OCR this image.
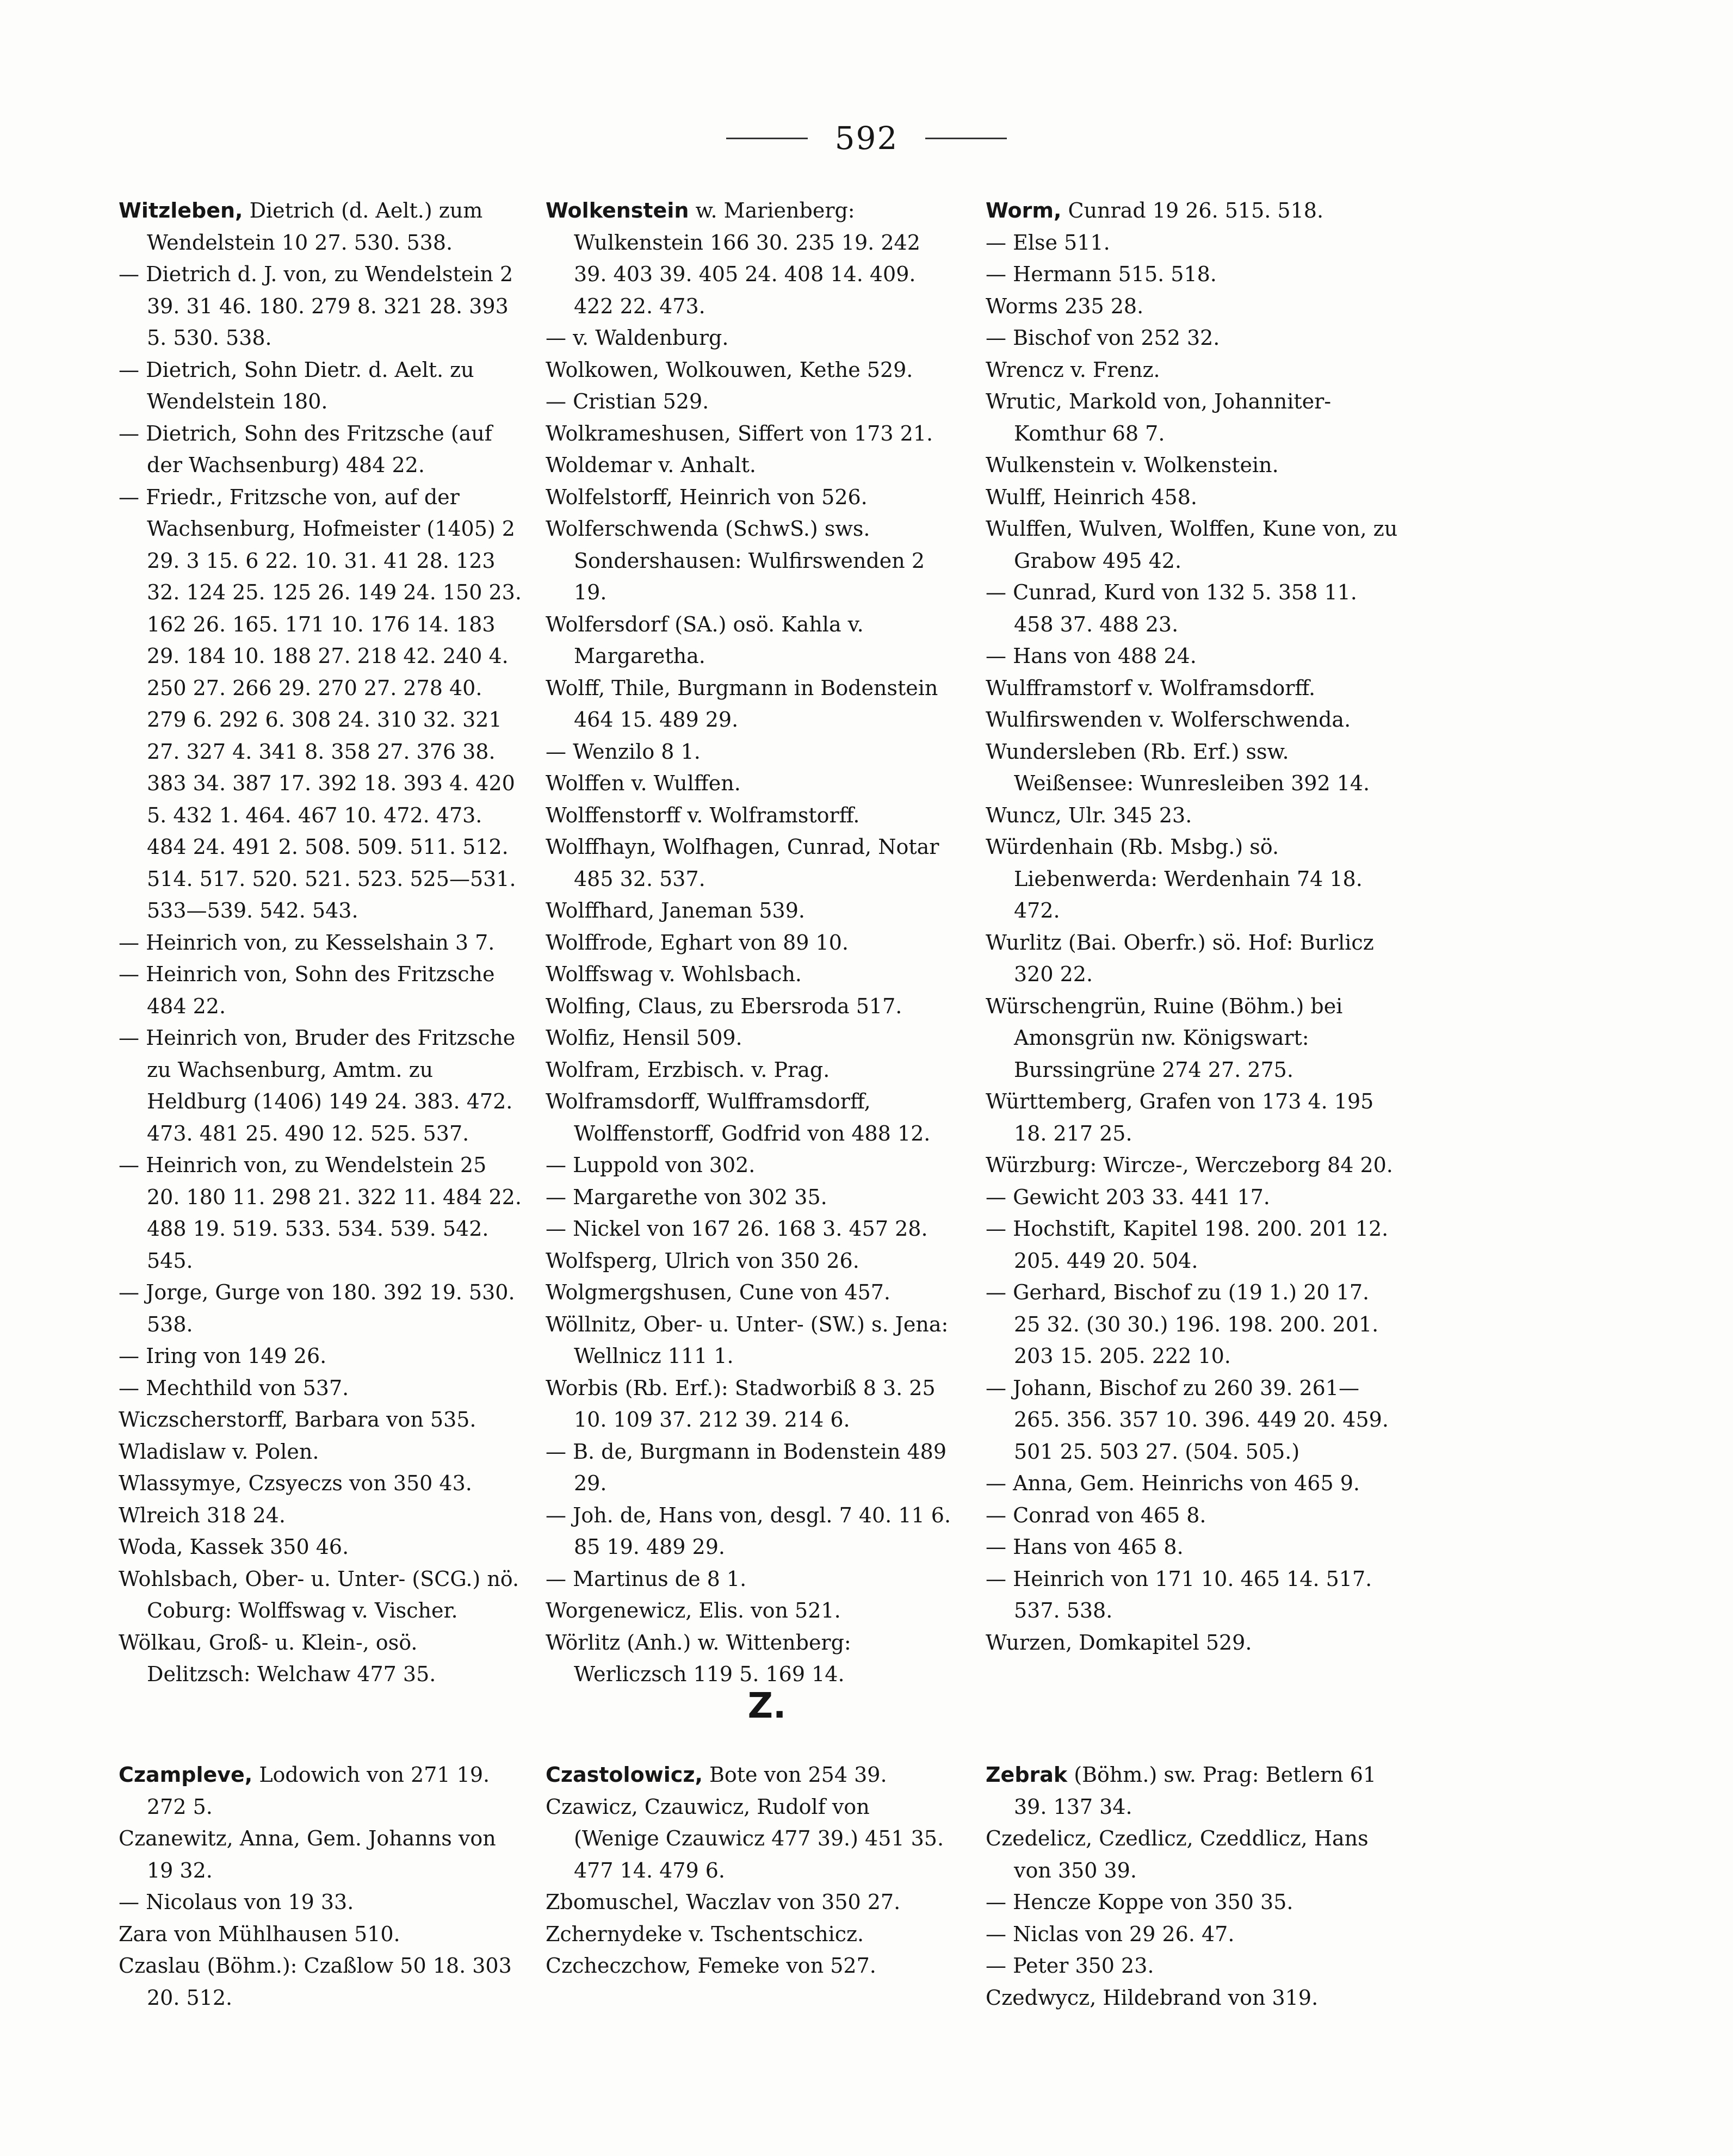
592

Witzleben, Dietrich (d. Aelt.) zum Wendelstein 10 27. 530. 538.

— Dietrich d. J. von, zu Wendelstein 2 39. 31 46. 180. 279 8. 321 28. 393 5. 530. 538.

— Dietrich, Sohn Dietr. d. Aelt. zu Wendelstein 180.

— Dietrich, Sohn des Fritzsche (auf der Wachsenburg) 484 22.

— Friedr., Fritzsche von, auf der Wachsenburg, Hofmeister (1405) 2 29. 3 15. 6 22. 10. 31. 41 28. 123 32. 124 25. 125 26. 149 24. 150 23. 162 26. 165. 171 10. 176 14. 183 29. 184 10. 188 27. 218 42. 240 4. 250 27. 266 29. 270 27. 278 40. 279 6. 292 6. 308 24. 310 32. 321 27. 327 4. 341 8. 358 27. 376 38. 383 34. 387 17. 392 18. 393 4. 420 5. 432 1. 464. 467 10. 472. 473. 484 24. 491 2. 508. 509. 511. 512. 514. 517. 520. 521. 523. 525—531. 533—539. 542. 543.

— Heinrich von, zu Kesselshain 3 7.

— Heinrich von, Sohn des Fritzsche 484 22.

— Heinrich von, Bruder des Fritzsche zu Wachsenburg, Amtm. zu Heldburg (1406) 149 24. 383. 472. 473. 481 25. 490 12. 525. 537.

— Heinrich von, zu Wendelstein 25 20. 180 11. 298 21. 322 11. 484 22. 488 19. 519. 533. 534. 539. 542. 545.

— Jorge, Gurge von 180. 392 19. 530. 538.

— Iring von 149 26.

— Mechthild von 537.

Wiczscherstorff, Barbara von 535.

Wladislaw v. Polen.

Wlassymye, Czsyeczs von 350 43.

Wlreich 318 24.

Woda, Kassek 350 46.

Wohlsbach, Ober- u. Unter- (SCG.) nö. Coburg: Wolffswag v. Vischer.

Wölkau, Groß- u. Klein-, osö. Delitzsch: Welchaw 477 35.

Wolkenstein w. Marienberg: Wulkenstein 166 30. 235 19. 242 39. 403 39. 405 24. 408 14. 409. 422 22. 473.

— v. Waldenburg.

Wolkowen, Wolkouwen, Kethe 529.

— Cristian 529.

Wolkrameshusen, Siffert von 173 21.

Woldemar v. Anhalt.

Wolfelstorff, Heinrich von 526.

Wolferschwenda (SchwS.) sws. Sondershausen: Wulfirswenden 2 19.

Wolfersdorf (SA.) osö. Kahla v. Margaretha.

Wolff, Thile, Burgmann in Bodenstein 464 15. 489 29.

— Wenzilo 8 1.

Wolffen v. Wulffen.

Wolffenstorff v. Wolframstorff.

Wolffhayn, Wolfhagen, Cunrad, Notar 485 32. 537.

Wolffhard, Janeman 539.

Wolffrode, Eghart von 89 10.

Wolffswag v. Wohlsbach.

Wolfing, Claus, zu Ebersroda 517.

Wolfiz, Hensil 509.

Wolfram, Erzbisch. v. Prag.

Wolframsdorff, Wulfframsdorff, Wolffenstorff, Godfrid von 488 12.

— Luppold von 302.

— Margarethe von 302 35.

— Nickel von 167 26. 168 3. 457 28.

Wolfsperg, Ulrich von 350 26.

Wolgmergshusen, Cune von 457.

Wöllnitz, Ober- u. Unter- (SW.) s. Jena: Wellnicz 111 1.

Worbis (Rb. Erf.): Stadworbiß 8 3. 25 10. 109 37. 212 39. 214 6.

— B. de, Burgmann in Bodenstein 489 29.

— Joh. de, Hans von, desgl. 7 40. 11 6. 85 19. 489 29.

— Martinus de 8 1.

Worgenewicz, Elis. von 521.

Wörlitz (Anh.) w. Wittenberg: Werliczsch 119 5. 169 14.

Worm, Cunrad 19 26. 515. 518.

— Else 511.

— Hermann 515. 518.

Worms 235 28.

— Bischof von 252 32.

Wrencz v. Frenz.

Wrutic, Markold von, Johanniter-Komthur 68 7.

Wulkenstein v. Wolkenstein.

Wulff, Heinrich 458.

Wulffen, Wulven, Wolffen, Kune von, zu Grabow 495 42.

— Cunrad, Kurd von 132 5. 358 11. 458 37. 488 23.

— Hans von 488 24.

Wulfframstorf v. Wolframsdorff.

Wulfirswenden v. Wolferschwenda.

Wundersleben (Rb. Erf.) ssw. Weißensee: Wunresleiben 392 14.

Wuncz, Ulr. 345 23.

Würdenhain (Rb. Msbg.) sö. Liebenwerda: Werdenhain 74 18. 472.

Wurlitz (Bai. Oberfr.) sö. Hof: Burlicz 320 22.

Würschengrün, Ruine (Böhm.) bei Amonsgrün nw. Königswart: Burssingrüne 274 27. 275.

Württemberg, Grafen von 173 4. 195 18. 217 25.

Würzburg: Wircze-, Werczeborg 84 20.

— Gewicht 203 33. 441 17.

— Hochstift, Kapitel 198. 200. 201 12. 205. 449 20. 504.

— Gerhard, Bischof zu (19 1.) 20 17. 25 32. (30 30.) 196. 198. 200. 201. 203 15. 205. 222 10.

— Johann, Bischof zu 260 39. 261—265. 356. 357 10. 396. 449 20. 459. 501 25. 503 27. (504. 505.)

— Anna, Gem. Heinrichs von 465 9.

— Conrad von 465 8.

— Hans von 465 8.

— Heinrich von 171 10. 465 14. 517. 537. 538.

Wurzen, Domkapitel 529.

Z.

Czampleve, Lodowich von 271 19. 272 5.

Czanewitz, Anna, Gem. Johanns von 19 32.

— Nicolaus von 19 33.

Zara von Mühlhausen 510.

Czaslau (Böhm.): Czaßlow 50 18. 303 20. 512.

Czastolowicz, Bote von 254 39.

Czawicz, Czauwicz, Rudolf von (Wenige Czauwicz 477 39.) 451 35. 477 14. 479 6.

Zbomuschel, Waczlav von 350 27.

Zchernydeke v. Tschentschicz.

Czcheczchow, Femeke von 527.

Zebrak (Böhm.) sw. Prag: Betlern 61 39. 137 34.

Czedelicz, Czedlicz, Czeddlicz, Hans von 350 39.

— Hencze Koppe von 350 35.

— Niclas von 29 26. 47.

— Peter 350 23.

Czedwycz, Hildebrand von 319.
